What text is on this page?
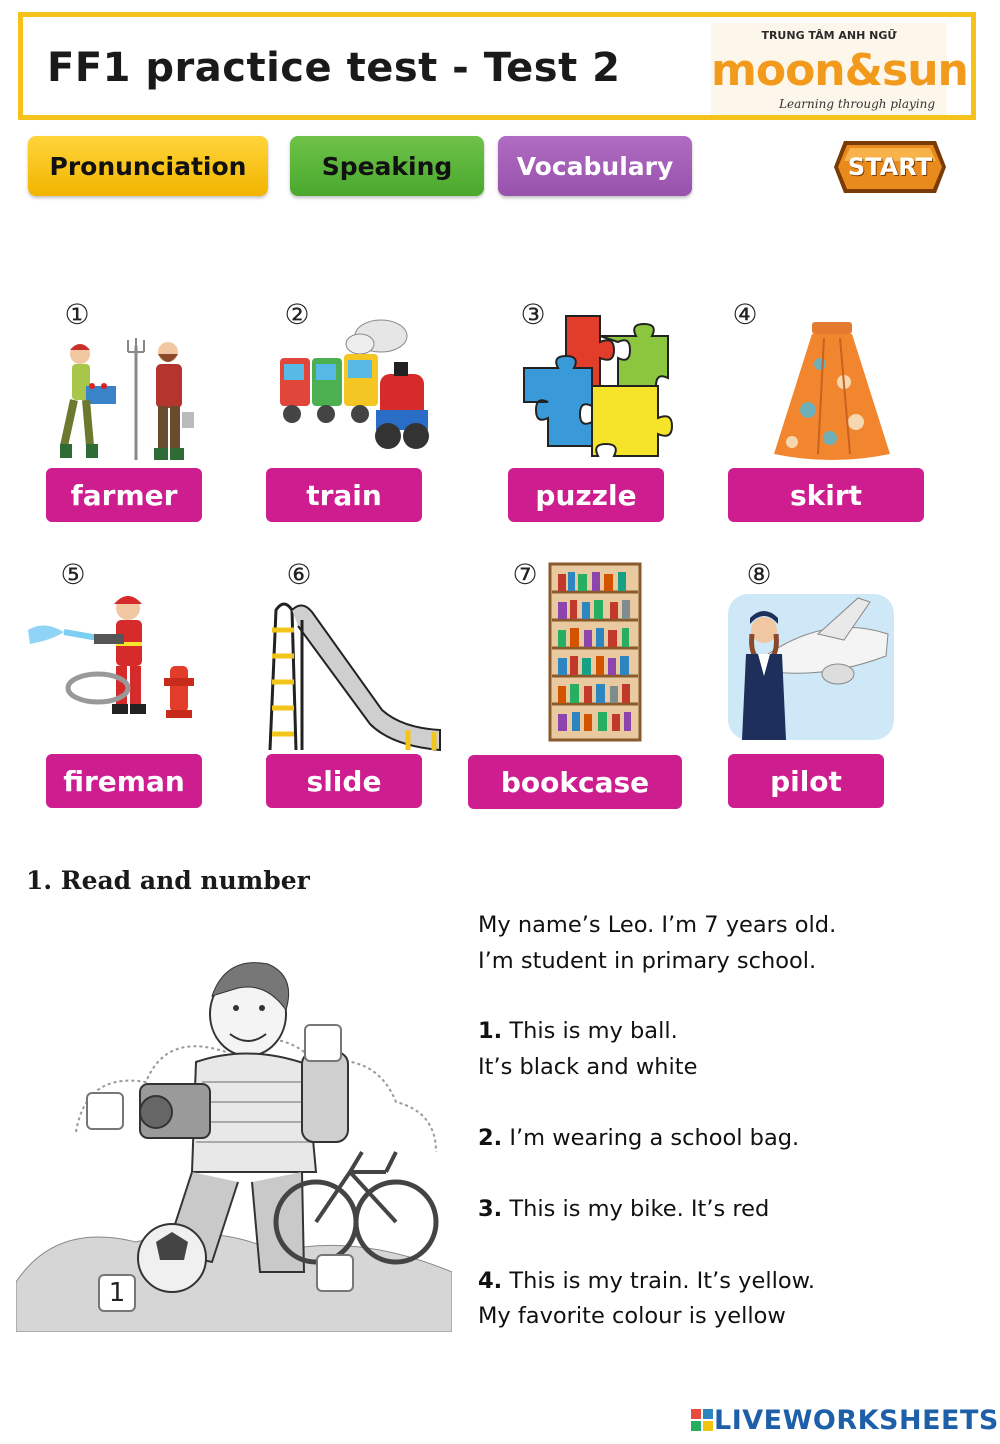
FF1 practice test - Test 2
TRUNG TÂM ANH NGỮ
moon&sun
Learning through playing
Pronunciation	Speaking	Vocabulary	START
①
farmer
②
train
③
puzzle
④
skirt
⑤
fireman
⑥
slide
⑦
bookcase
⑧
pilot
1. Read and number
1
My name’s Leo. I’m 7 years old.
I’m student in primary school.
1. This is my ball.
It’s black and white
2. I’m wearing a school bag.
3. This is my bike. It’s red
4. This is my train. It’s yellow.
My favorite colour is yellow
LIVEWORKSHEETS
